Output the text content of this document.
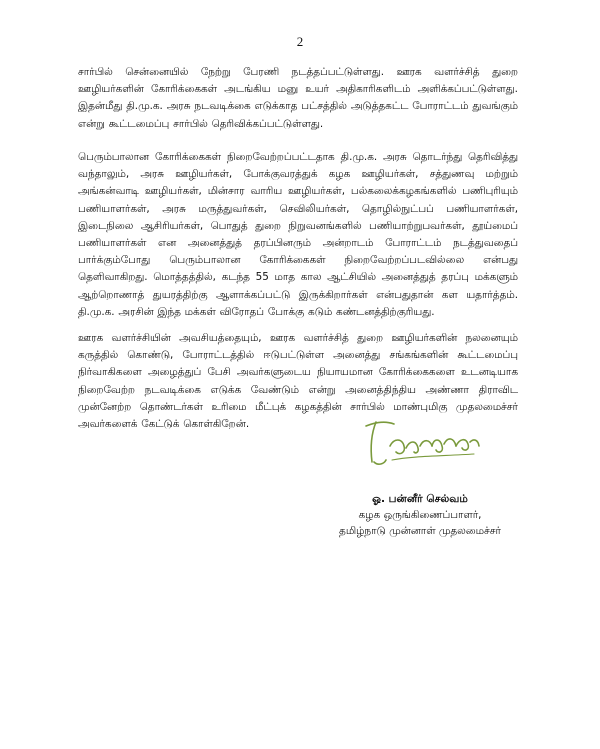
2

சார்பில் சென்னையில் நேற்று பேரணி நடத்தப்பட்டுள்ளது. ஊரக வளர்ச்சித் துறை ஊழியர்களின் கோரிக்கைகள் அடங்கிய மனு உயர் அதிகாரிகளிடம் அளிக்கப்பட்டுள்ளது. இதன்மீது தி.மு.க. அரசு நடவடிக்கை எடுக்காத பட்சத்தில் அடுத்தகட்ட போராட்டம் துவங்கும் என்று கூட்டமைப்பு சார்பில் தெரிவிக்கப்பட்டுள்ளது.

பெரும்பாலான கோரிக்கைகள் நிறைவேற்றப்பட்டதாக தி.மு.க. அரசு தொடர்ந்து தெரிவித்து வந்தாலும், அரசு ஊழியர்கள், போக்குவரத்துக் கழக ஊழியர்கள், சத்துணவு மற்றும் அங்கன்வாடி ஊழியர்கள், மின்சார வாரிய ஊழியர்கள், பல்கலைக்கழகங்களில் பணிபுரியும் பணியாளர்கள், அரசு மருத்துவர்கள், செவிலியர்கள், தொழில்நுட்பப் பணியாளர்கள், இடைநிலை ஆசிரியர்கள், பொதுத் துறை நிறுவனங்களில் பணியாற்றுபவர்கள், தூய்மைப் பணியாளர்கள் என அனைத்துத் தரப்பினரும் அன்றாடம் போராட்டம் நடத்துவதைப் பார்க்கும்போது பெரும்பாலான கோரிக்கைகள் நிறைவேற்றப்படவில்லை என்பது தெளிவாகிறது. மொத்தத்தில், கடந்த 55 மாத கால ஆட்சியில் அனைத்துத் தரப்பு மக்களும் ஆற்றொணாத் துயரத்திற்கு ஆளாக்கப்பட்டு இருக்கிறார்கள் என்பதுதான் கள யதார்த்தம். தி.மு.க. அரசின் இந்த மக்கள் விரோதப் போக்கு கடும் கண்டனத்திற்குரியது.

ஊரக வளர்ச்சியின் அவசியத்தையும், ஊரக வளர்ச்சித் துறை ஊழியர்களின் நலனையும் கருத்தில் கொண்டு, போராட்டத்தில் ஈடுபட்டுள்ள அனைத்து சங்கங்களின் கூட்டமைப்பு நிர்வாகிகளை அழைத்துப் பேசி அவர்களுடைய நியாயமான கோரிக்கைகளை உடனடியாக நிறைவேற்ற நடவடிக்கை எடுக்க வேண்டும் என்று அனைத்திந்திய அண்ணா திராவிட முன்னேற்ற தொண்டர்கள் உரிமை மீட்புக் கழகத்தின் சார்பில் மாண்புமிகு முதலமைச்சர் அவர்களைக் கேட்டுக் கொள்கிறேன்.

ஓ. பன்னீர் செல்வம்
கழக ஒருங்கிணைப்பாளர்,
தமிழ்நாடு முன்னாள் முதலமைச்சர்
